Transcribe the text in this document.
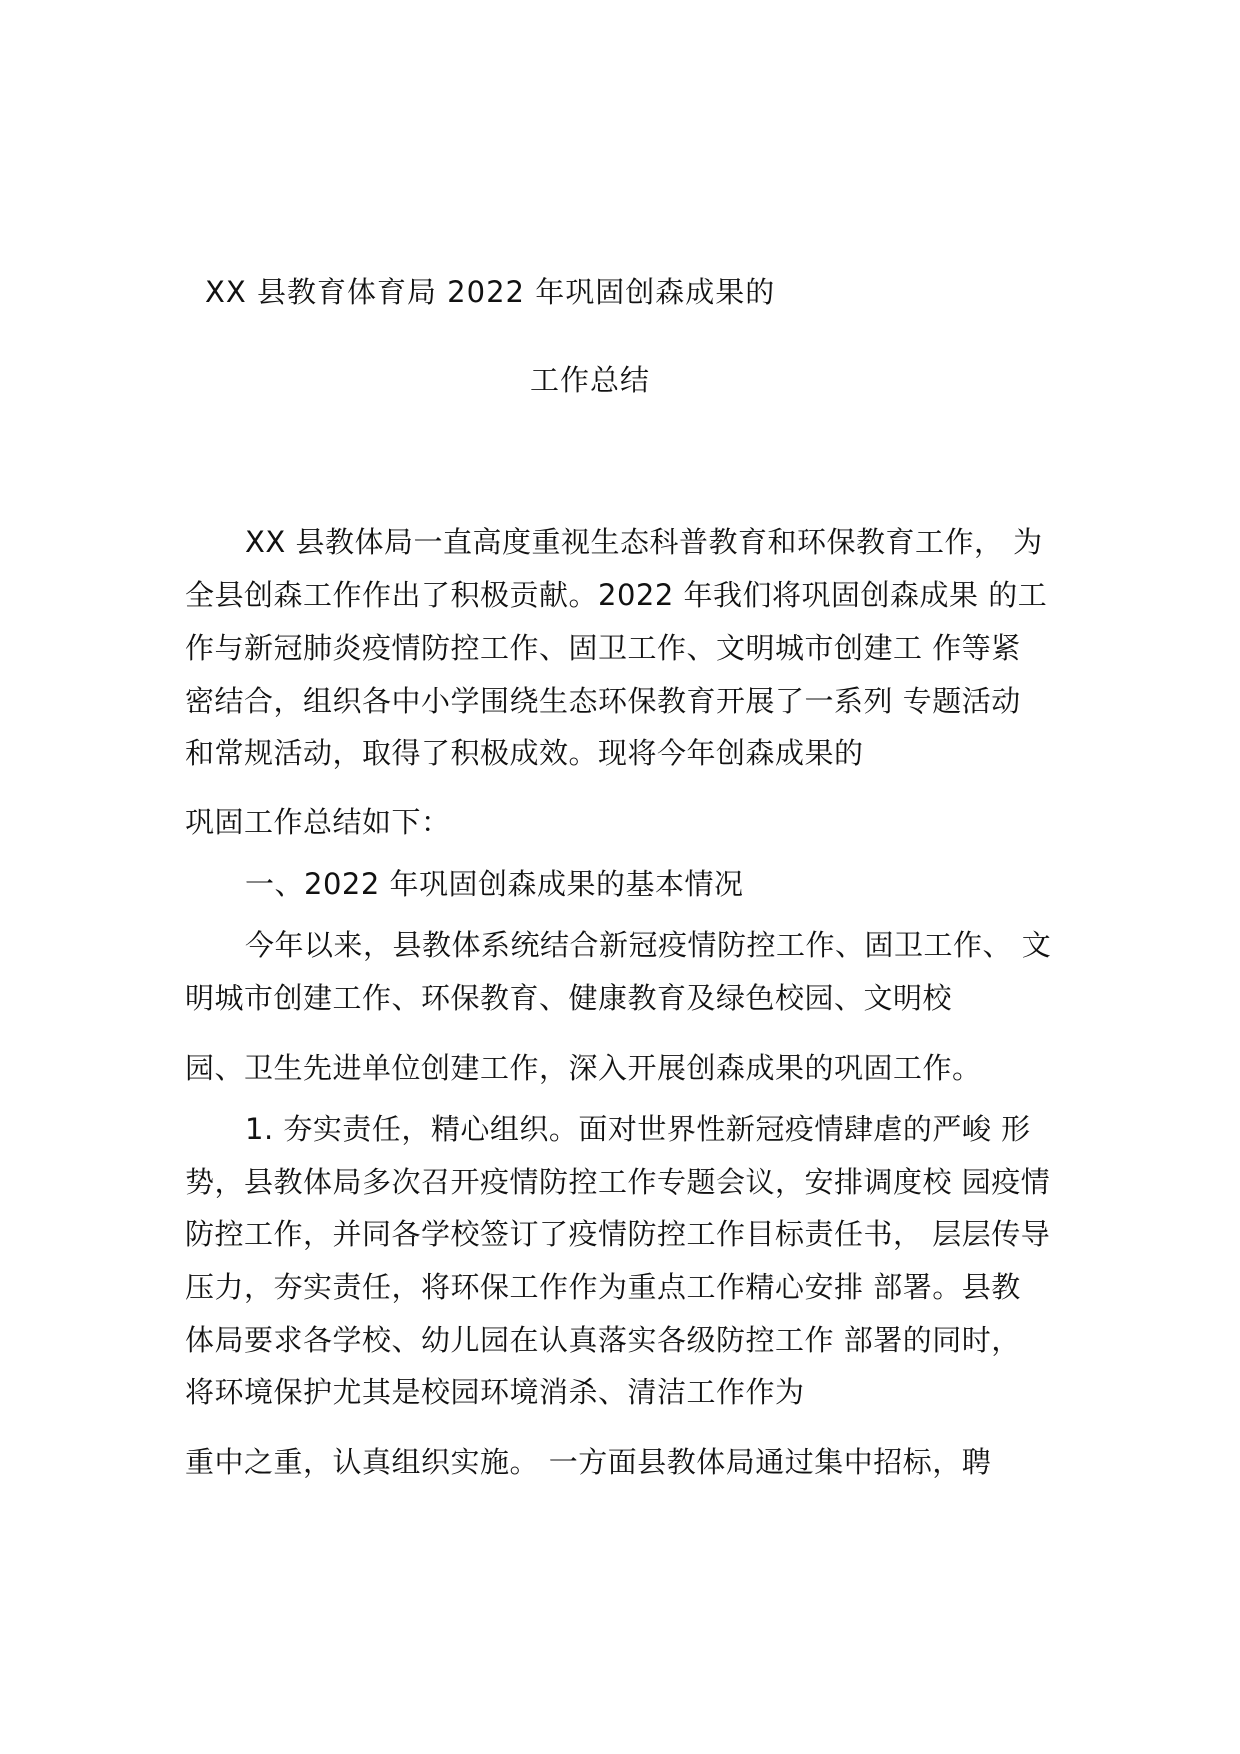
XX 县教育体育局 2022 年巩固创森成果的
工作总结
XX 县教体局一直高度重视生态科普教育和环保教育工作， 为
全县创森工作作出了积极贡献。2022 年我们将巩固创森成果 的工
作与新冠肺炎疫情防控工作、固卫工作、文明城市创建工 作等紧
密结合，组织各中小学围绕生态环保教育开展了一系列 专题活动
和常规活动，取得了积极成效。现将今年创森成果的
巩固工作总结如下：
一、2022 年巩固创森成果的基本情况
今年以来，县教体系统结合新冠疫情防控工作、固卫工作、 文
明城市创建工作、环保教育、健康教育及绿色校园、文明校
园、卫生先进单位创建工作，深入开展创森成果的巩固工作。
1. 夯实责任，精心组织。面对世界性新冠疫情肆虐的严峻 形
势，县教体局多次召开疫情防控工作专题会议，安排调度校 园疫情
防控工作，并同各学校签订了疫情防控工作目标责任书， 层层传导
压力，夯实责任，将环保工作作为重点工作精心安排 部署。县教
体局要求各学校、幼儿园在认真落实各级防控工作 部署的同时，
将环境保护尤其是校园环境消杀、清洁工作作为
重中之重，认真组织实施。 一方面县教体局通过集中招标，聘
